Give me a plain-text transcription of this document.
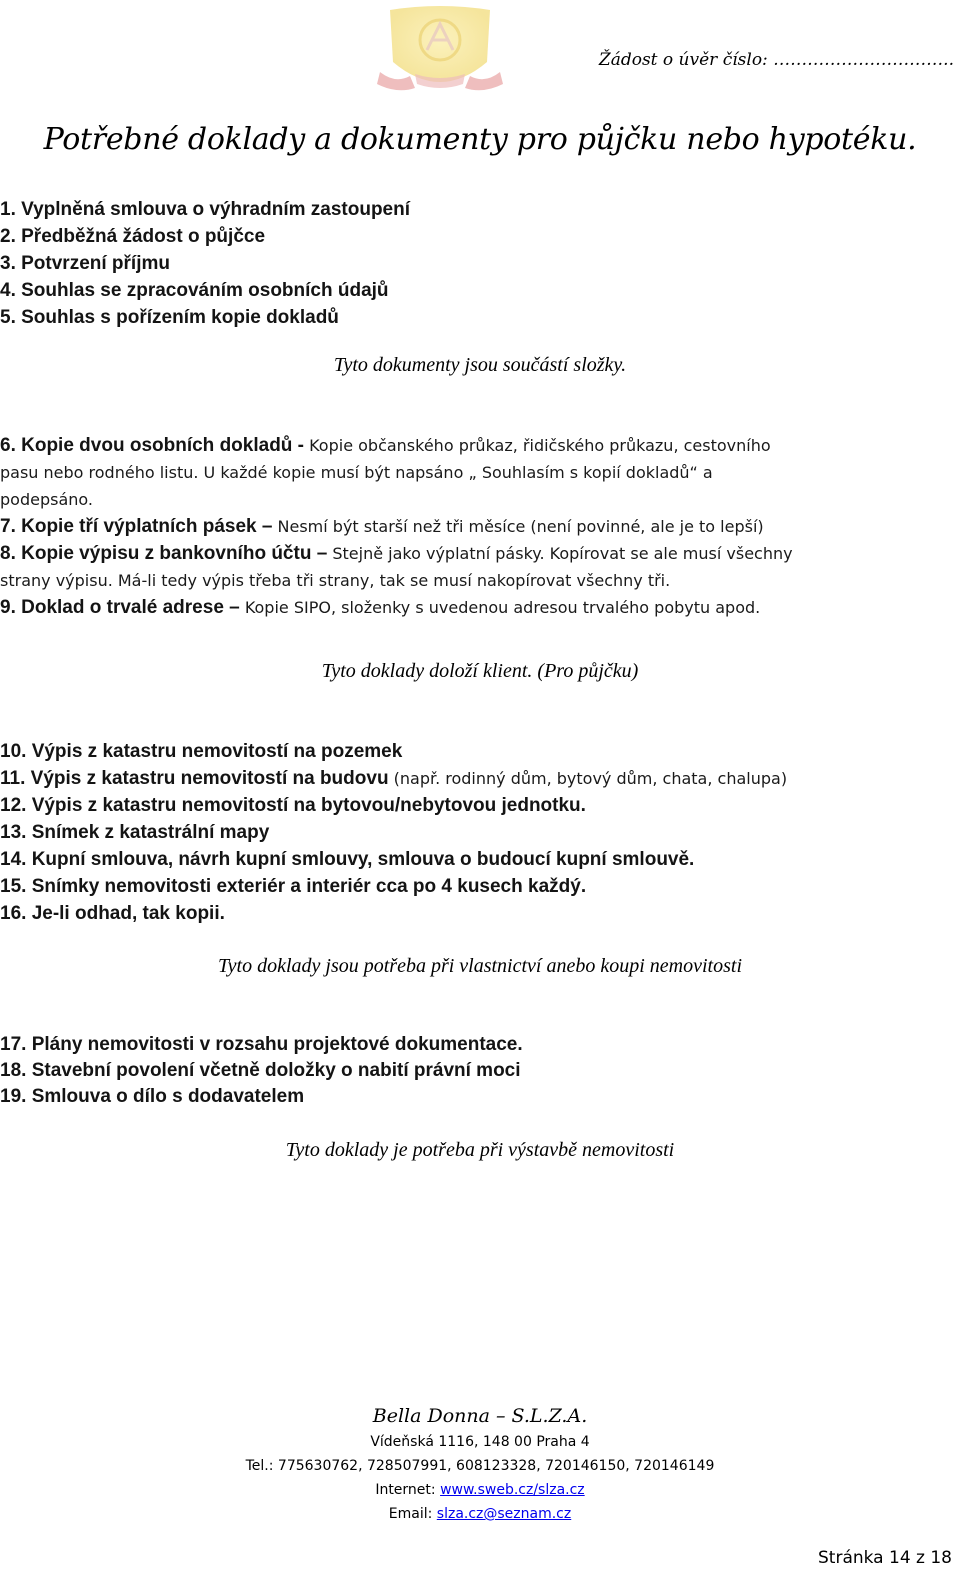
Žádost o úvěr číslo: …………………………..
Potřebné doklady a dokumenty pro půjčku nebo hypotéku.
1. Vyplněná smlouva o výhradním zastoupení
2. Předběžná žádost o půjčce
3. Potvrzení příjmu
4. Souhlas se zpracováním osobních údajů
5. Souhlas s pořízením kopie dokladů
Tyto dokumenty jsou součástí složky.

6. Kopie dvou osobních dokladů - Kopie občanského průkaz, řidičského průkazu, cestovního

pasu nebo rodného listu. U každé kopie musí být napsáno „ Souhlasím s kopií dokladů“ a

podepsáno.

7. Kopie tří výplatních pásek – Nesmí být starší než tři měsíce (není povinné, ale je to lepší)

8. Kopie výpisu z bankovního účtu – Stejně jako výplatní pásky. Kopírovat se ale musí všechny

strany výpisu. Má-li tedy výpis třeba tři strany, tak se musí nakopírovat všechny tři.

9. Doklad o trvalé adrese – Kopie SIPO, složenky s uvedenou adresou trvalého pobytu apod.

Tyto doklady doloží klient. (Pro půjčku)
10. Výpis z katastru nemovitostí na pozemek
11. Výpis z katastru nemovitostí na budovu (např. rodinný dům, bytový dům, chata, chalupa)
12. Výpis z katastru nemovitostí na bytovou/nebytovou jednotku.
13. Snímek z katastrální mapy
14. Kupní smlouva, návrh kupní smlouvy, smlouva o budoucí kupní smlouvě.
15. Snímky nemovitosti exteriér a interiér cca po 4 kusech každý.
16. Je-li odhad, tak kopii.
Tyto doklady jsou potřeba při vlastnictví anebo koupi nemovitosti
17. Plány nemovitosti v rozsahu projektové dokumentace.
18. Stavební povolení včetně doložky o nabití právní moci
19. Smlouva o dílo s dodavatelem
Tyto doklady je potřeba při výstavbě nemovitosti
Bella Donna – S.L.Z.A.
Vídeňská 1116, 148 00 Praha 4
Tel.: 775630762, 728507991, 608123328, 720146150, 720146149
Internet: www.sweb.cz/slza.cz
Email: slza.cz@seznam.cz
Stránka 14 z 18
